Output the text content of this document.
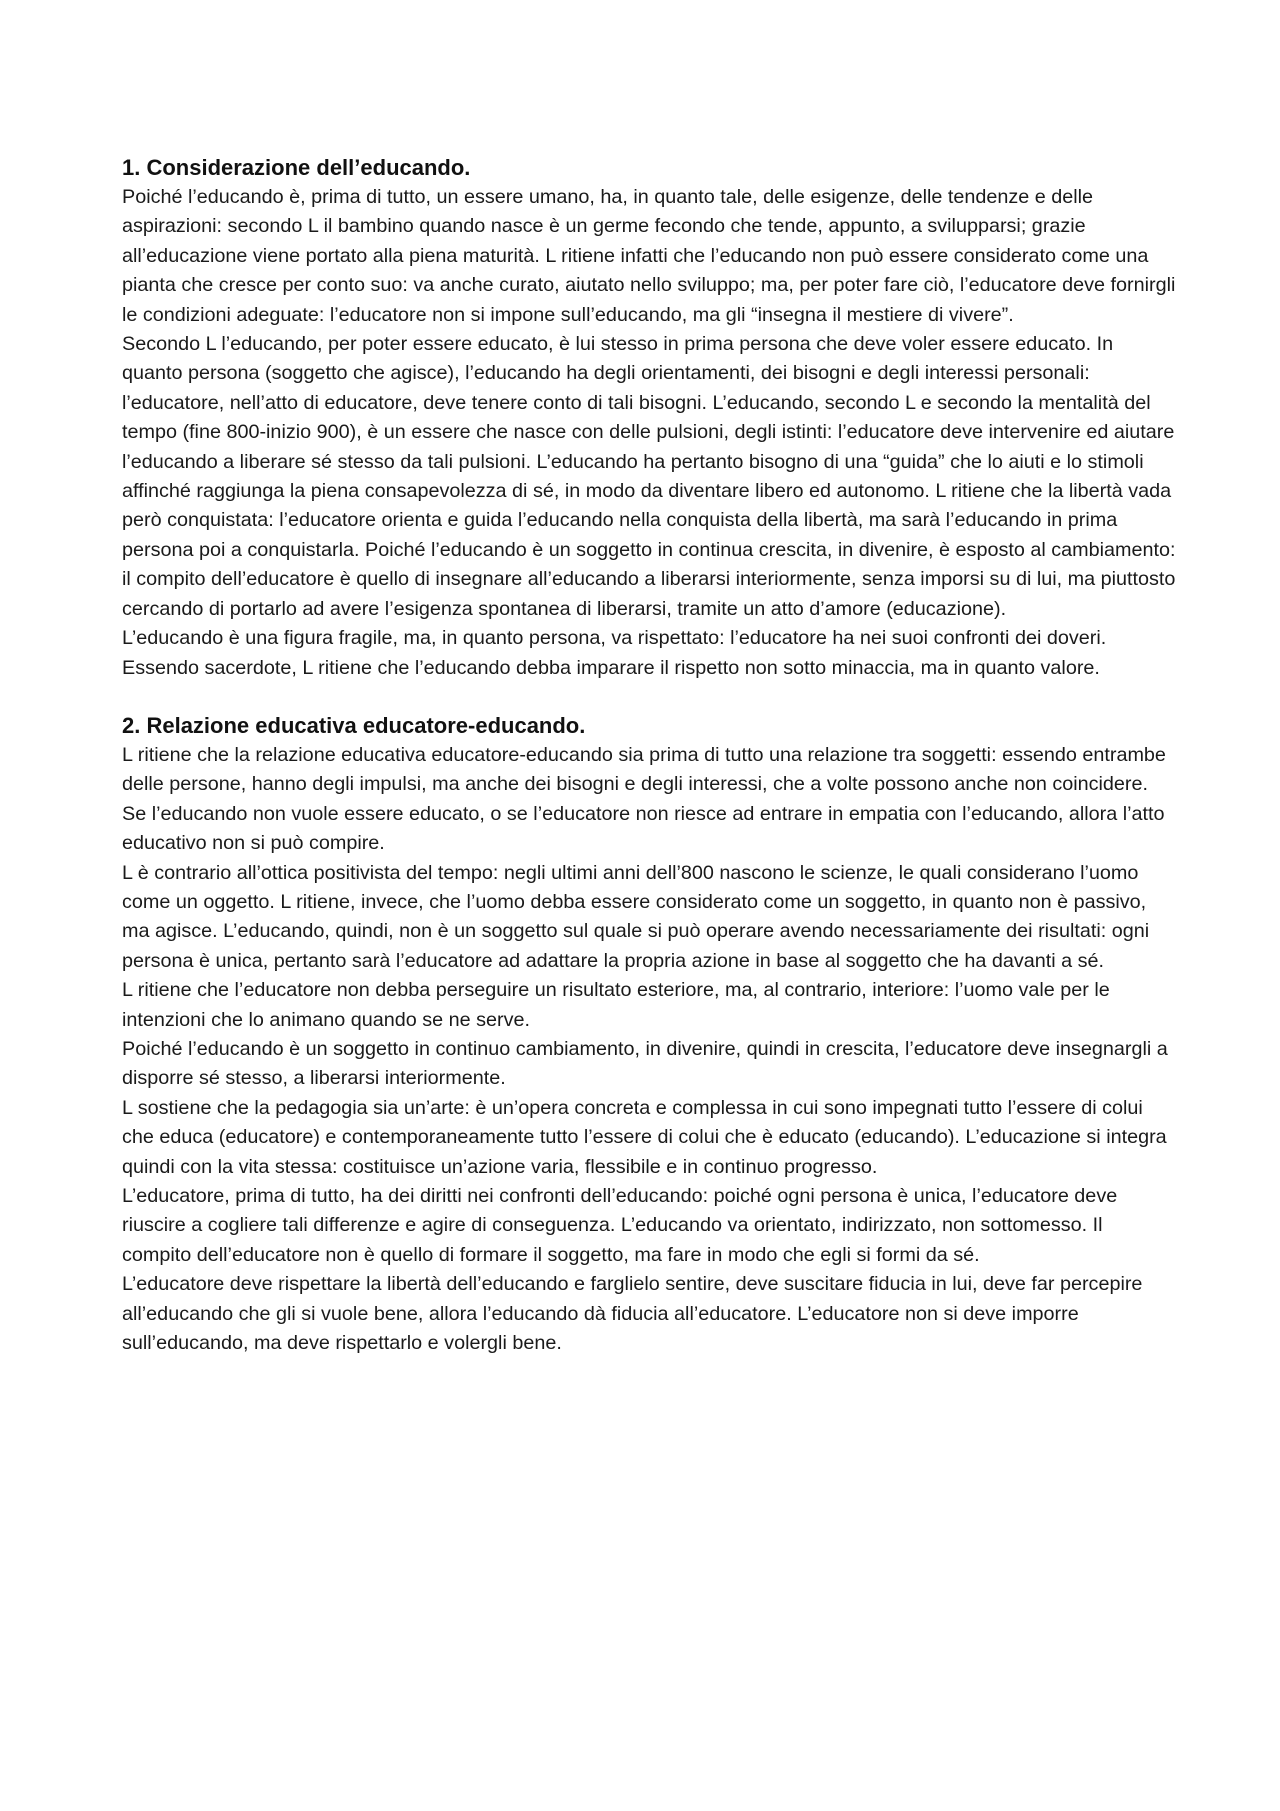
1. Considerazione dell’educando.

Poiché l’educando è, prima di tutto, un essere umano, ha, in quanto tale, delle esigenze, delle tendenze e delle aspirazioni: secondo L il bambino quando nasce è un germe fecondo che tende, appunto, a svilupparsi; grazie all’educazione viene portato alla piena maturità. L ritiene infatti che l’educando non può essere considerato come una pianta che cresce per conto suo: va anche curato, aiutato nello sviluppo; ma, per poter fare ciò, l’educatore deve fornirgli le condizioni adeguate: l’educatore non si impone sull’educando, ma gli “insegna il mestiere di vivere”.

Secondo L l’educando, per poter essere educato, è lui stesso in prima persona che deve voler essere educato. In quanto persona (soggetto che agisce), l’educando ha degli orientamenti, dei bisogni e degli interessi personali: l’educatore, nell’atto di educatore, deve tenere conto di tali bisogni. L’educando, secondo L e secondo la mentalità del tempo (fine 800-inizio 900), è un essere che nasce con delle pulsioni, degli istinti: l’educatore deve intervenire ed aiutare l’educando a liberare sé stesso da tali pulsioni. L’educando ha pertanto bisogno di una “guida” che lo aiuti e lo stimoli affinché raggiunga la piena consapevolezza di sé, in modo da diventare libero ed autonomo. L ritiene che la libertà vada però conquistata: l’educatore orienta e guida l’educando nella conquista della libertà, ma sarà l’educando in prima persona poi a conquistarla. Poiché l’educando è un soggetto in continua crescita, in divenire, è esposto al cambiamento: il compito dell’educatore è quello di insegnare all’educando a liberarsi interiormente, senza imporsi su di lui, ma piuttosto cercando di portarlo ad avere l’esigenza spontanea di liberarsi, tramite un atto d’amore (educazione).

L’educando è una figura fragile, ma, in quanto persona, va rispettato: l’educatore ha nei suoi confronti dei doveri.

Essendo sacerdote, L ritiene che l’educando debba imparare il rispetto non sotto minaccia, ma in quanto valore.

2. Relazione educativa educatore-educando.

L ritiene che la relazione educativa educatore-educando sia prima di tutto una relazione tra soggetti: essendo entrambe delle persone, hanno degli impulsi, ma anche dei bisogni e degli interessi, che a volte possono anche non coincidere. Se l’educando non vuole essere educato, o se l’educatore non riesce ad entrare in empatia con l’educando, allora l’atto educativo non si può compire.

L è contrario all’ottica positivista del tempo: negli ultimi anni dell’800 nascono le scienze, le quali considerano l’uomo come un oggetto. L ritiene, invece, che l’uomo debba essere considerato come un soggetto, in quanto non è passivo, ma agisce. L’educando, quindi, non è un soggetto sul quale si può operare avendo necessariamente dei risultati: ogni persona è unica, pertanto sarà l’educatore ad adattare la propria azione in base al soggetto che ha davanti a sé.

L ritiene che l’educatore non debba perseguire un risultato esteriore, ma, al contrario, interiore: l’uomo vale per le intenzioni che lo animano quando se ne serve.

Poiché l’educando è un soggetto in continuo cambiamento, in divenire, quindi in crescita, l’educatore deve insegnargli a disporre sé stesso, a liberarsi interiormente.

L sostiene che la pedagogia sia un’arte: è un’opera concreta e complessa in cui sono impegnati tutto l’essere di colui che educa (educatore) e contemporaneamente tutto l’essere di colui che è educato (educando). L’educazione si integra quindi con la vita stessa: costituisce un’azione varia, flessibile e in continuo progresso.

L’educatore, prima di tutto, ha dei diritti nei confronti dell’educando: poiché ogni persona è unica, l’educatore deve riuscire a cogliere tali differenze e agire di conseguenza. L’educando va orientato, indirizzato, non sottomesso. Il compito dell’educatore non è quello di formare il soggetto, ma fare in modo che egli si formi da sé.

L’educatore deve rispettare la libertà dell’educando e farglielo sentire, deve suscitare fiducia in lui, deve far percepire all’educando che gli si vuole bene, allora l’educando dà fiducia all’educatore. L’educatore non si deve imporre sull’educando, ma deve rispettarlo e volergli bene.
